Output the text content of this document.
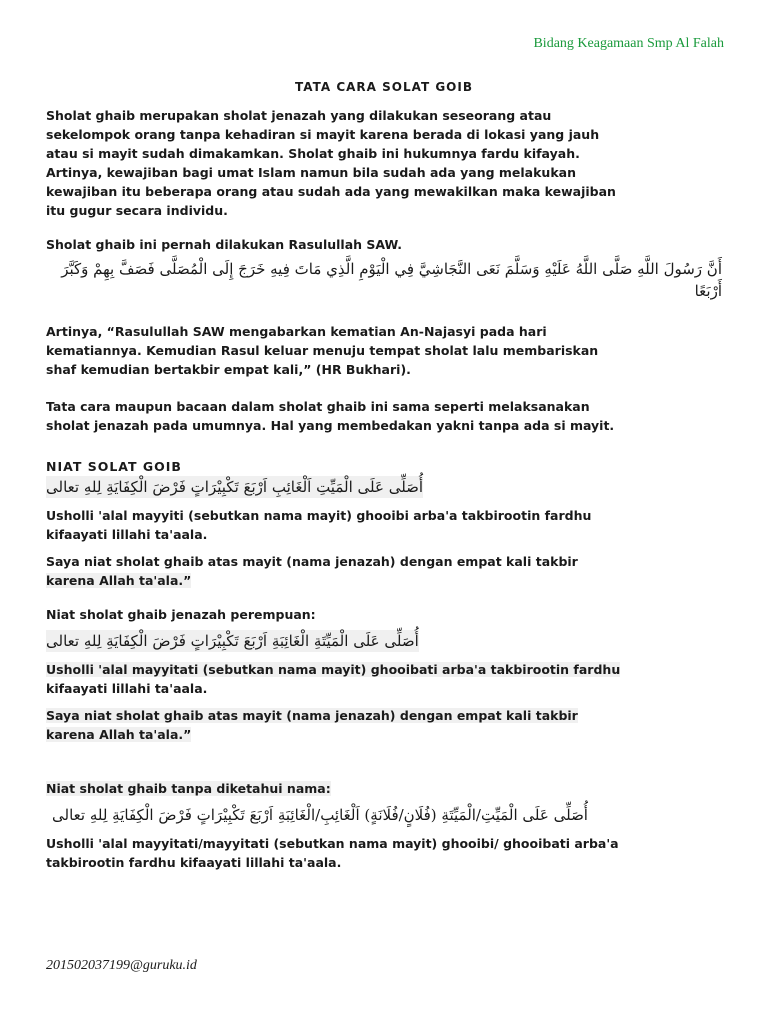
Bidang Keagamaan Smp Al Falah
TATA CARA SOLAT GOIB

Sholat ghaib merupakan sholat jenazah yang dilakukan seseorang atau

sekelompok orang tanpa kehadiran si mayit karena berada di lokasi yang jauh

atau si mayit sudah dimakamkan. Sholat ghaib ini hukumnya fardu kifayah.

Artinya, kewajiban bagi umat Islam namun bila sudah ada yang melakukan

kewajiban itu beberapa orang atau sudah ada yang mewakilkan maka kewajiban

itu gugur secara individu.

Sholat ghaib ini pernah dilakukan Rasulullah SAW.

أَنَّ رَسُولَ اللَّهِ صَلَّى اللَّهُ عَلَيْهِ وَسَلَّمَ نَعَى النَّجَاشِيَّ فِي الْيَوْمِ الَّذِي مَاتَ فِيهِ خَرَجَ إِلَى الْمُصَلَّى فَصَفَّ بِهِمْ وَكَبَّرَ

أَرْبَعًا

Artinya, “Rasulullah SAW mengabarkan kematian An-Najasyi pada hari

kematiannya. Kemudian Rasul keluar menuju tempat sholat lalu membariskan

shaf kemudian bertakbir empat kali,” (HR Bukhari).

Tata cara maupun bacaan dalam sholat ghaib ini sama seperti melaksanakan

sholat jenazah pada umumnya. Hal yang membedakan yakni tanpa ada si mayit.

NIAT SOLAT GOIB

أُصَلِّى عَلَى الْمَيِّتِ اَلْغَائِبِ اَرْبَعَ تَكْبِيْرَاتٍ فَرْضَ الْكِفَايَةِ لِلهِ تعالى

Usholli 'alal mayyiti (sebutkan nama mayit) ghooibi arba'a takbirootin fardhu

kifaayati lillahi ta'aala.

Saya niat sholat ghaib atas mayit (nama jenazah) dengan empat kali takbir

karena Allah ta'ala.”

Niat sholat ghaib jenazah perempuan:

أُصَلِّى عَلَى الْمَيِّتَةِ الْغَائِبَةِ اَرْبَعَ تَكْبِيْرَاتٍ فَرْضَ الْكِفَايَةِ لِلهِ تعالى

Usholli 'alal mayyitati (sebutkan nama mayit) ghooibati arba'a takbirootin fardhu

kifaayati lillahi ta'aala.

Saya niat sholat ghaib atas mayit (nama jenazah) dengan empat kali takbir

karena Allah ta'ala.”

Niat sholat ghaib tanpa diketahui nama:

أُصَلِّى عَلَى الْمَيِّتِ/الْمَيِّتَةِ (فُلَانٍ/فُلَانَةٍ) اَلْغَائِبِ/الْغَائِبَةِ اَرْبَعَ تَكْبِيْرَاتٍ فَرْضَ الْكِفَايَةِ لِلهِ تعالى

Usholli 'alal mayyitati/mayyitati (sebutkan nama mayit) ghooibi/ ghooibati arba'a

takbirootin fardhu kifaayati lillahi ta'aala.

201502037199@guruku.id
